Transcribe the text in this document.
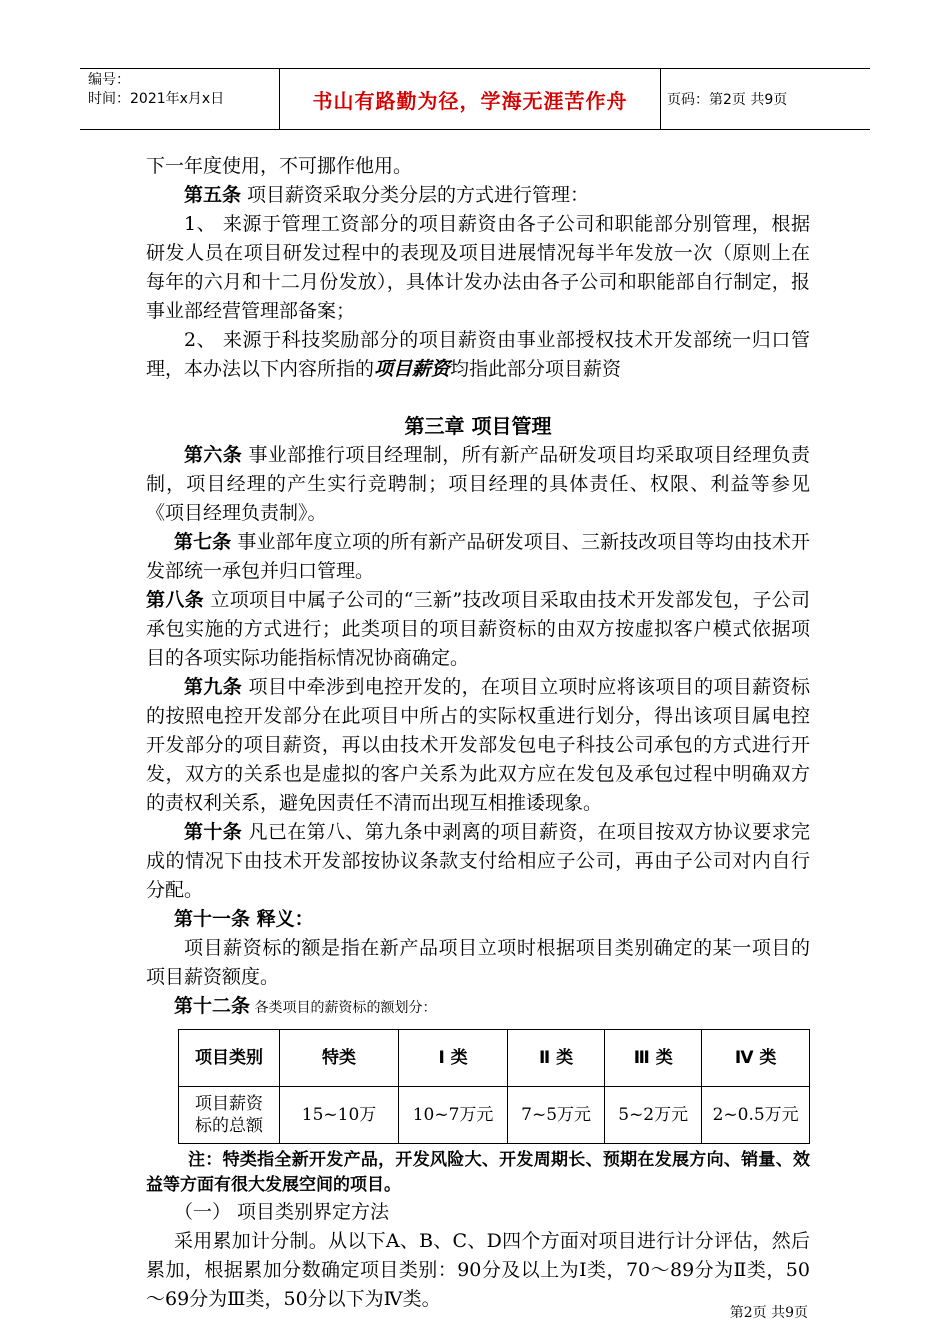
编号：
时间：2021年x月x日	书山有路勤为径，学海无涯苦作舟	页码：第2页 共9页

下一年度使用，不可挪作他用。

第五条 项目薪资采取分类分层的方式进行管理：

1、 来源于管理工资部分的项目薪资由各子公司和职能部分别管理，根据研发人员在项目研发过程中的表现及项目进展情况每半年发放一次（原则上在每年的六月和十二月份发放），具体计发办法由各子公司和职能部自行制定，报事业部经营管理部备案；

2、 来源于科技奖励部分的项目薪资由事业部授权技术开发部统一归口管理，本办法以下内容所指的项目薪资均指此部分项目薪资

第三章 项目管理

第六条 事业部推行项目经理制，所有新产品研发项目均采取项目经理负责制，项目经理的产生实行竞聘制；项目经理的具体责任、权限、利益等参见《项目经理负责制》。

第七条 事业部年度立项的所有新产品研发项目、三新技改项目等均由技术开发部统一承包并归口管理。

第八条 立项项目中属子公司的“三新”技改项目采取由技术开发部发包，子公司承包实施的方式进行；此类项目的项目薪资标的由双方按虚拟客户模式依据项目的各项实际功能指标情况协商确定。

第九条 项目中牵涉到电控开发的，在项目立项时应将该项目的项目薪资标的按照电控开发部分在此项目中所占的实际权重进行划分，得出该项目属电控开发部分的项目薪资，再以由技术开发部发包电子科技公司承包的方式进行开发，双方的关系也是虚拟的客户关系为此双方应在发包及承包过程中明确双方的责权利关系，避免因责任不清而出现互相推诿现象。

第十条 凡已在第八、第九条中剥离的项目薪资，在项目按双方协议要求完成的情况下由技术开发部按协议条款支付给相应子公司，再由子公司对内自行分配。

第十一条 释义：

项目薪资标的额是指在新产品项目立项时根据项目类别确定的某一项目的项目薪资额度。

第十二条 各类项目的薪资标的额划分：

项目类别	特类	Ⅰ 类	Ⅱ 类	Ⅲ 类	Ⅳ 类
项目薪资标的总额	15~10万	10~7万元	7~5万元	5~2万元	2~0.5万元

注：特类指全新开发产品，开发风险大、开发周期长、预期在发展方向、销量、效益等方面有很大发展空间的项目。

（一） 项目类别界定方法

采用累加计分制。从以下A、B、C、D四个方面对项目进行计分评估，然后累加，根据累加分数确定项目类别：90分及以上为Ⅰ类，70～89分为Ⅱ类，50～69分为Ⅲ类，50分以下为Ⅳ类。

第2页 共9页
